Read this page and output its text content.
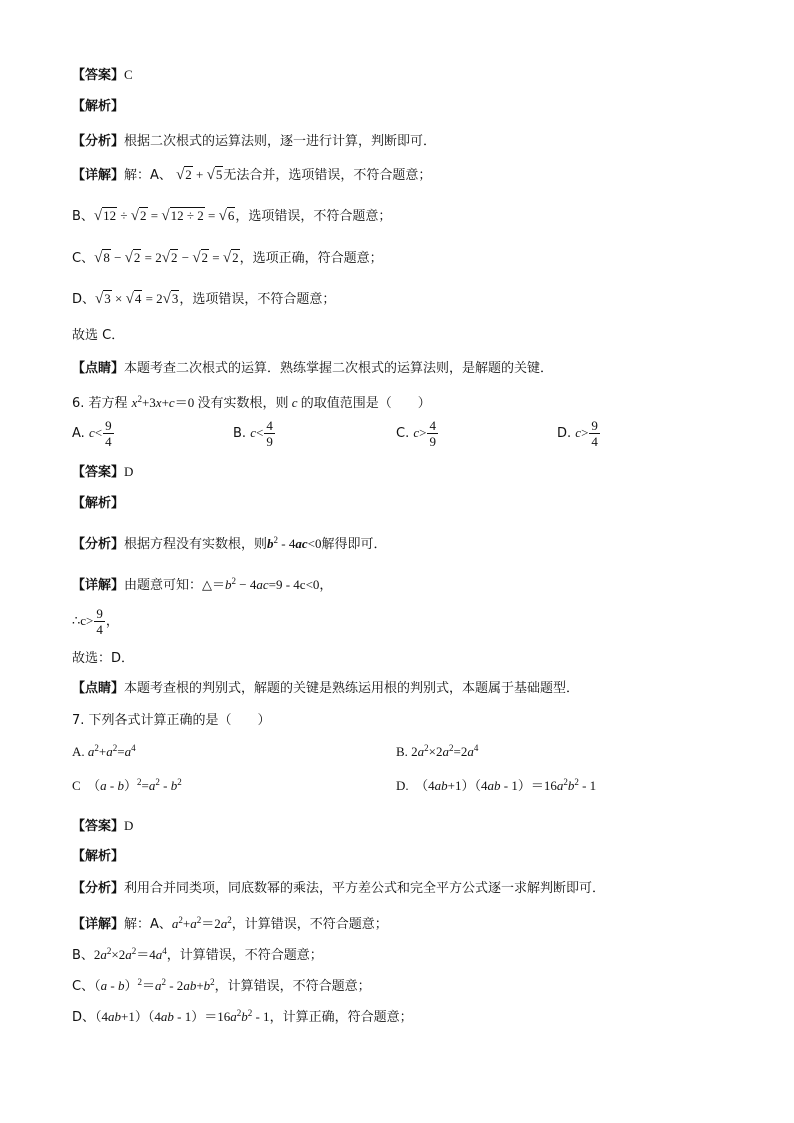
【答案】C
【解析】
【分析】根据二次根式的运算法则，逐一进行计算，判断即可．
【详解】解：A、 √2 + √5无法合并，选项错误，不符合题意；
B、√12 ÷ √2 = √12 ÷ 2 = √6，选项错误，不符合题意；
C、√8 − √2 = 2√2 − √2 = √2，选项正确，符合题意；
D、√3 × √4 = 2√3，选项错误，不符合题意；
故选 C．
【点睛】本题考查二次根式的运算．熟练掌握二次根式的运算法则，是解题的关键．
6. 若方程 $x^2+3x+c=0$ 没有实数根，则 c 的取值范围是（　　）
A. $c< \frac{9}{4}$	B. $c< \frac{4}{9}$	C. $c> \frac{4}{9}$	D. $c> \frac{9}{4}$
【答案】D
【解析】
【分析】根据方程没有实数根，则$b^2 - 4ac<0$解得即可．
【详解】由题意可知：$\triangle=b^2 - 4ac=9 - 4c<0$，
∴c> $\frac{9}{4}$ ，
故选：D．
【点睛】本题考查根的判别式，解题的关键是熟练运用根的判别式，本题属于基础题型．
7. 下列各式计算正确的是（　　）
A. $a^2+a^2=a^4$	B. $2a^2\times 2a^2=2a^4$
C　$(a - b)^2=a^2 - b^2$	D.　$(4ab+1)(4ab - 1)=16a^2b^2 - 1$
【答案】D
【解析】
【分析】利用合并同类项，同底数幂的乘法，平方差公式和完全平方公式逐一求解判断即可．
【详解】解：A、$a^2+a^2=2a^2$，计算错误，不符合题意；
B、$2a^2\times 2a^2=4a^4$，计算错误，不符合题意；
C、$(a - b)^2=a^2 - 2ab+b^2$，计算错误，不符合题意；
D、$(4ab+1)(4ab - 1)=16a^2b^2 - 1$，计算正确，符合题意；
